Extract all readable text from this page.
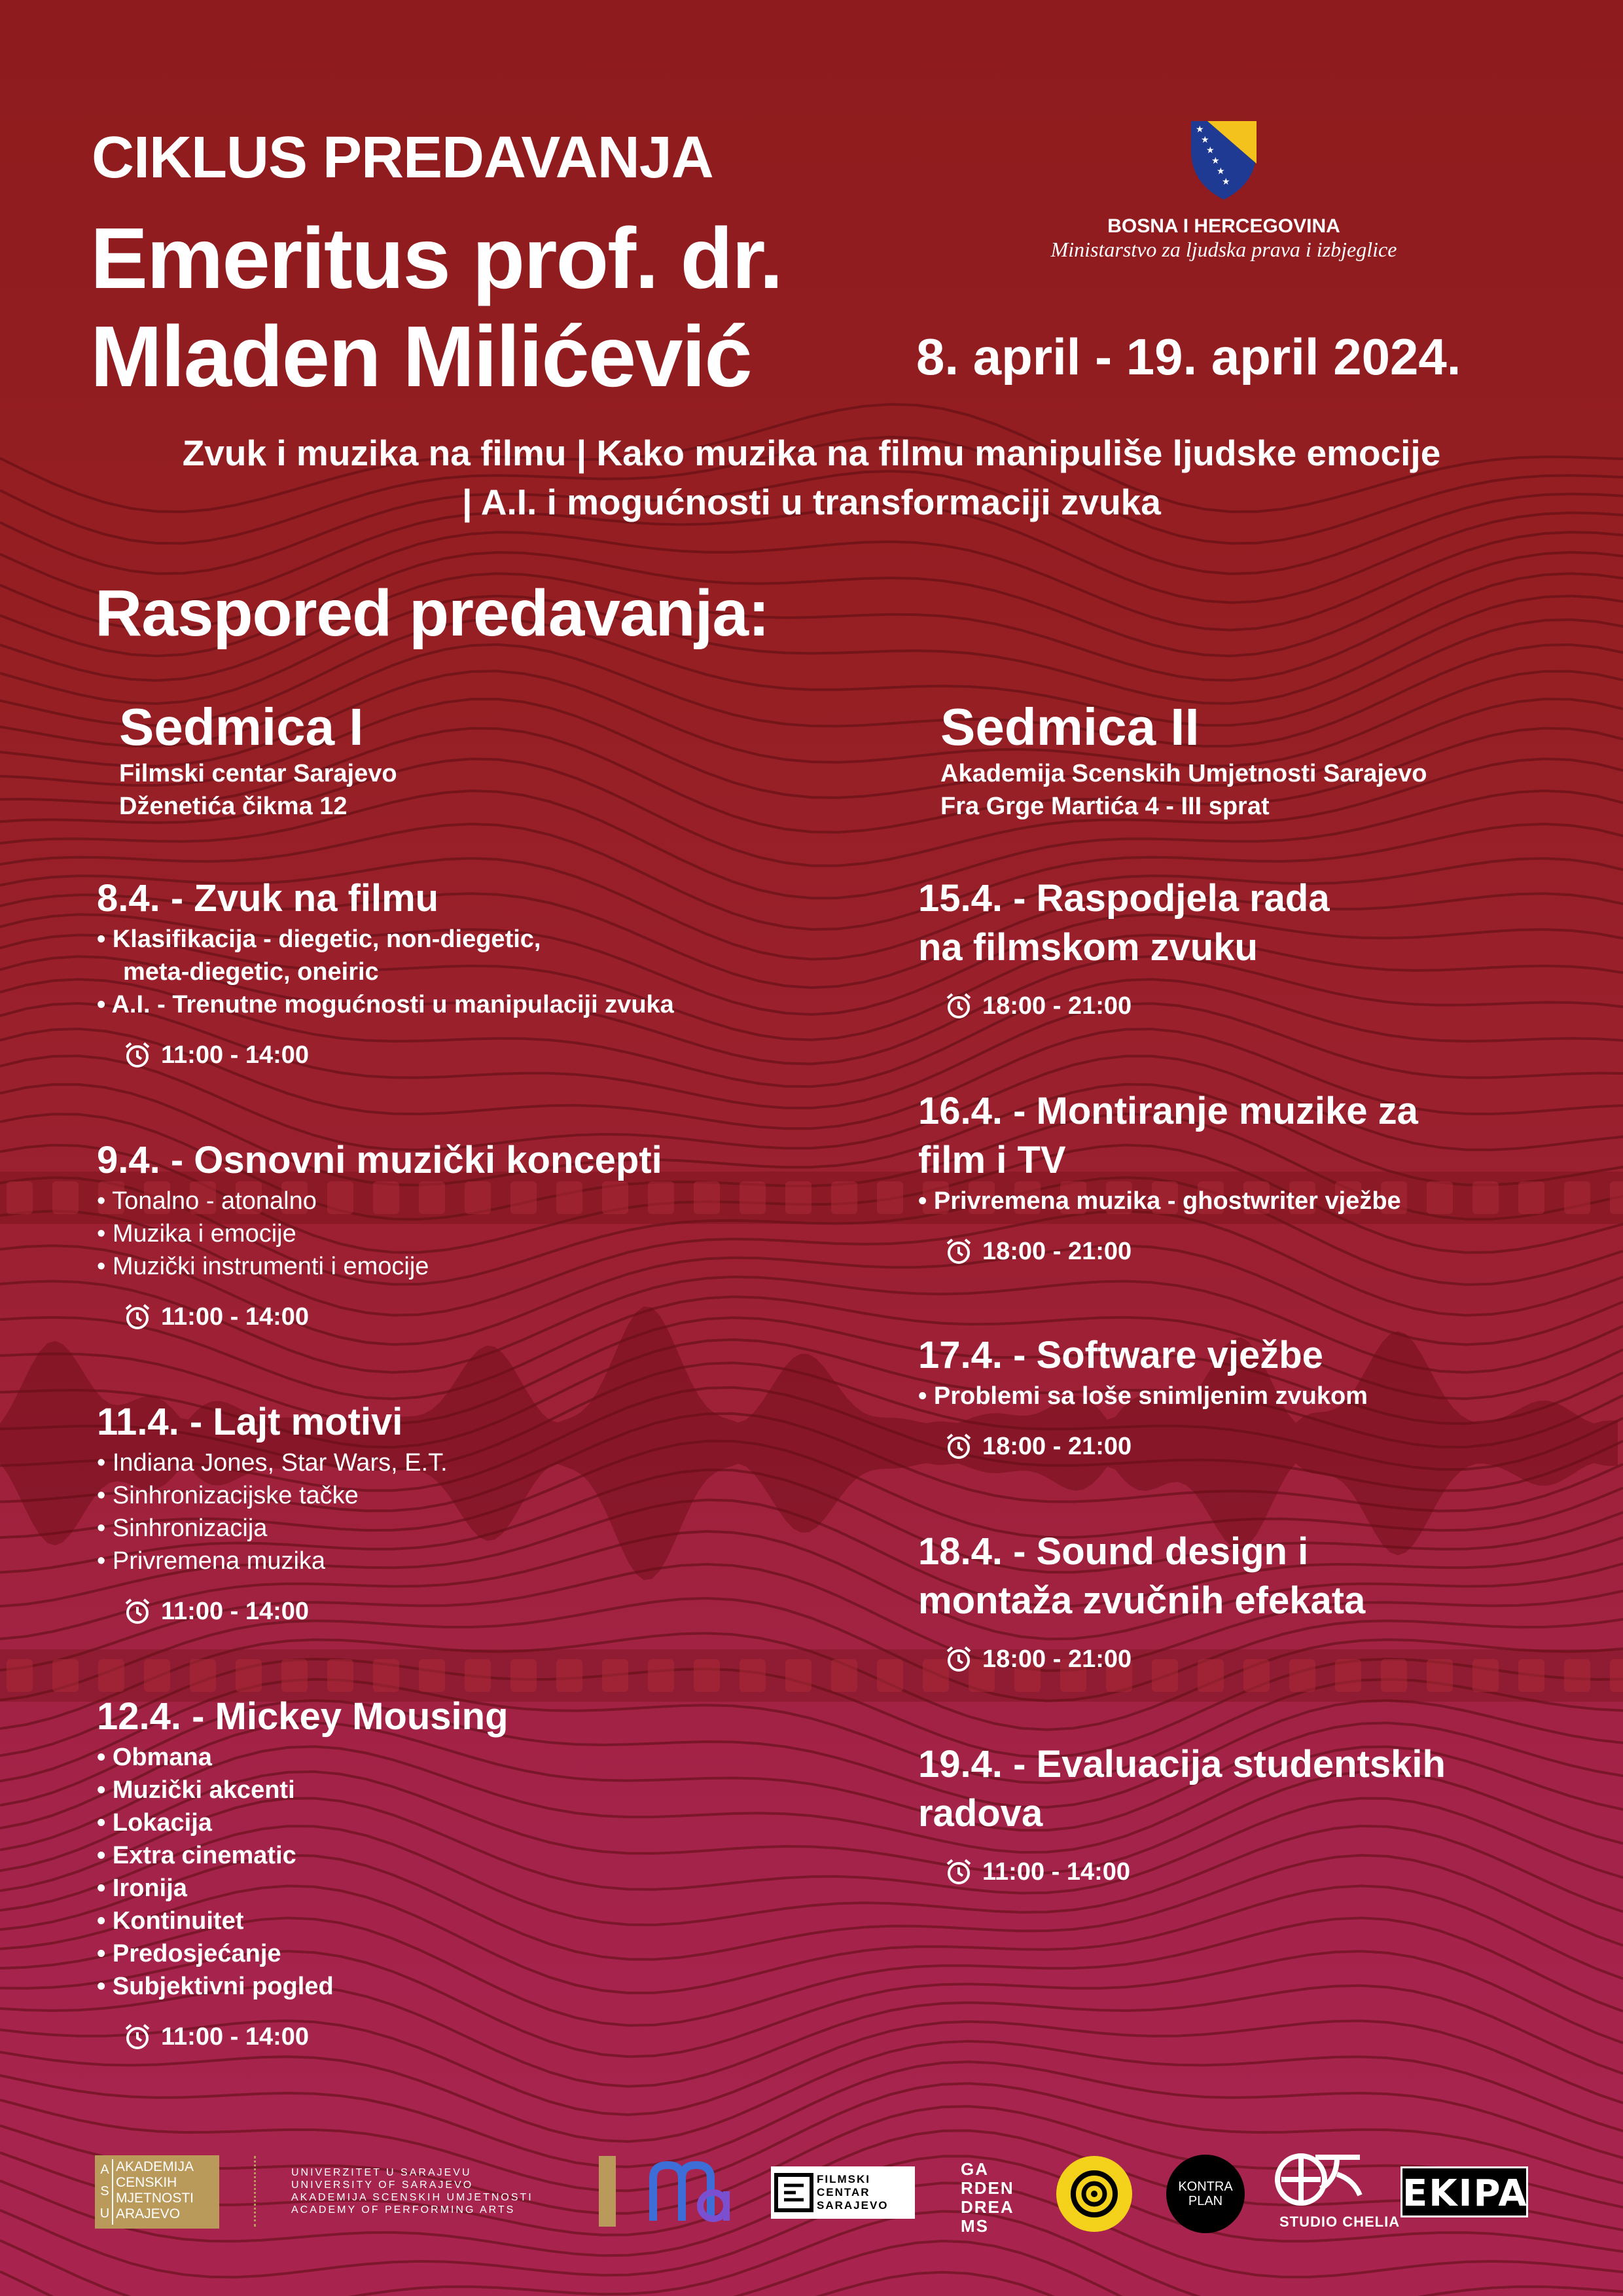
CIKLUS PREDAVANJA
Emeritus prof. dr.
Mladen Milićević
★
★
★
★
★
★
BOSNA I HERCEGOVINA
Ministarstvo za ljudska prava i izbjeglice
8. april - 19. april 2024.
Zvuk i muzika na filmu | Kako muzika na filmu manipuliše ljudske emocije
| A.I. i mogućnosti u transformaciji zvuka
Raspored predavanja:
Sedmica I
Filmski centar Sarajevo
Dženetića čikma 12
Sedmica II
Akademija Scenskih Umjetnosti Sarajevo
Fra Grge Martića 4 - III sprat
8.4. - Zvuk na filmu
• Klasifikacija - diegetic, non-diegetic,
meta-diegetic, oneiric
• A.I. - Trenutne mogućnosti u manipulaciji zvuka
11:00 - 14:00
9.4. - Osnovni muzički koncepti
• Tonalno - atonalno
• Muzika i emocije
• Muzički instrumenti i emocije
11:00 - 14:00
11.4. - Lajt motivi
• Indiana Jones, Star Wars, E.T.
• Sinhronizacijske tačke
• Sinhronizacija
• Privremena muzika
11:00 - 14:00
12.4. - Mickey Mousing
• Obmana
• Muzički akcenti
• Lokacija
• Extra cinematic
• Ironija
• Kontinuitet
• Predosjećanje
• Subjektivni pogled
11:00 - 14:00
15.4. - Raspodjela rada
na filmskom zvuku
18:00 - 21:00
16.4. - Montiranje muzike za
film i TV
• Privremena muzika - ghostwriter vježbe
18:00 - 21:00
17.4. - Software vježbe
• Problemi sa loše snimljenim zvukom
18:00 - 21:00
18.4. - Sound design i
montaža zvučnih efekata
18:00 - 21:00
19.4. - Evaluacija studentskih
radova
11:00 - 14:00
A
S
U
AKADEMIJA
CENSKIH
MJETNOSTI
ARAJEVO
UNIVERZITET U SARAJEVU
UNIVERSITY OF SARAJEVO
AKADEMIJA SCENSKIH UMJETNOSTI
ACADEMY OF PERFORMING ARTS
FILMSKI
CENTAR
SARAJEVO
GA
RDEN
DREA
MS
KONTRA
PLAN
STUDIO CHELIA
EKIPA
